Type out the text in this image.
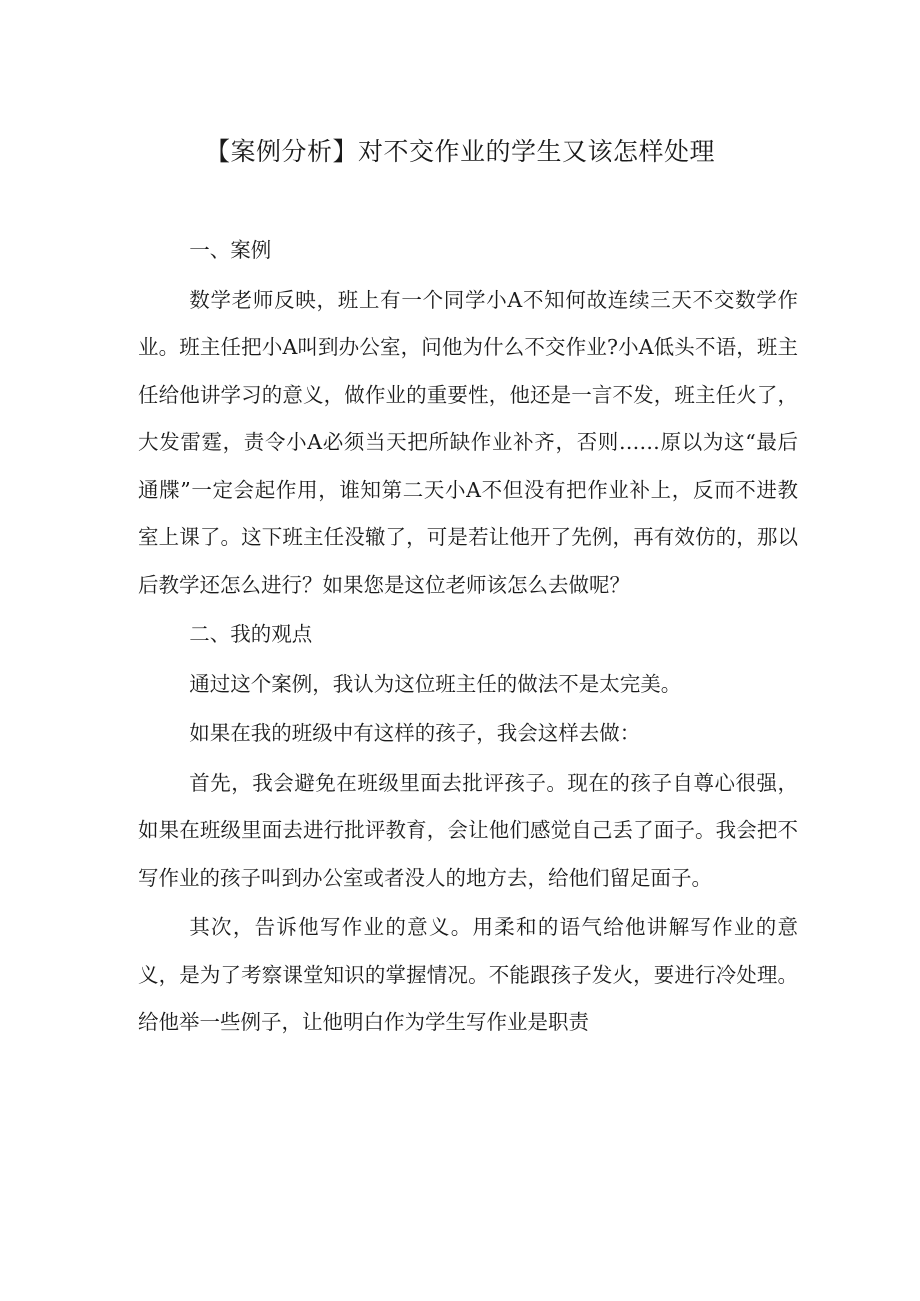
【案例分析】对不交作业的学生又该怎样处理

一、案例

数学老师反映，班上有一个同学小A不知何故连续三天不交数学作业。班主任把小A叫到办公室，问他为什么不交作业?小A低头不语，班主任给他讲学习的意义，做作业的重要性，他还是一言不发，班主任火了，大发雷霆，责令小A必须当天把所缺作业补齐，否则……原以为这“最后通牒”一定会起作用，谁知第二天小A不但没有把作业补上，反而不进教室上课了。这下班主任没辙了，可是若让他开了先例，再有效仿的，那以后教学还怎么进行？如果您是这位老师该怎么去做呢？

二、我的观点

通过这个案例，我认为这位班主任的做法不是太完美。

如果在我的班级中有这样的孩子，我会这样去做：

首先，我会避免在班级里面去批评孩子。现在的孩子自尊心很强，如果在班级里面去进行批评教育，会让他们感觉自己丢了面子。我会把不写作业的孩子叫到办公室或者没人的地方去，给他们留足面子。

其次，告诉他写作业的意义。用柔和的语气给他讲解写作业的意义，是为了考察课堂知识的掌握情况。不能跟孩子发火，要进行冷处理。给他举一些例子，让他明白作为学生写作业是职责
